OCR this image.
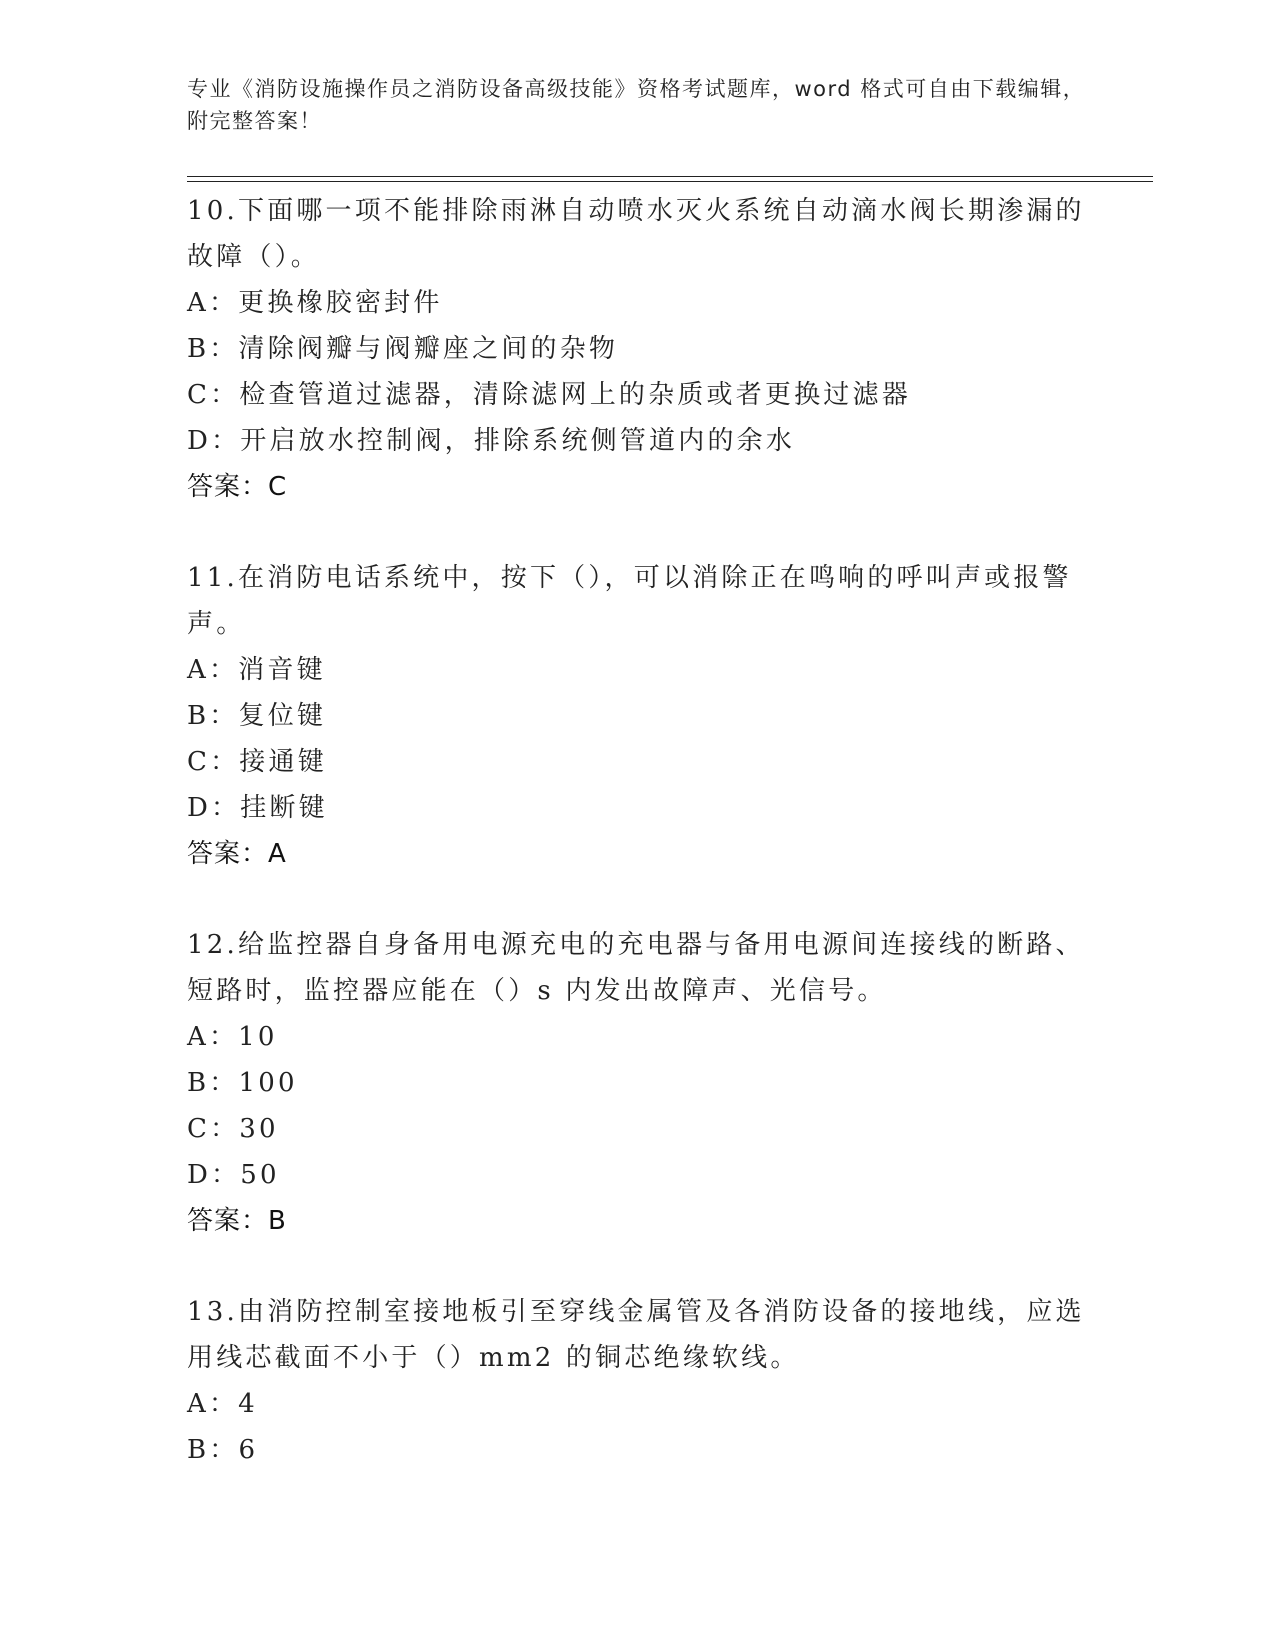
专业《消防设施操作员之消防设备高级技能》资格考试题库，word 格式可自由下载编辑，附完整答案！
10.下面哪一项不能排除雨淋自动喷水灭火系统自动滴水阀长期渗漏的故障（）。
A：更换橡胶密封件
B：清除阀瓣与阀瓣座之间的杂物
C：检查管道过滤器，清除滤网上的杂质或者更换过滤器
D：开启放水控制阀，排除系统侧管道内的余水
答案：C
11.在消防电话系统中，按下（），可以消除正在鸣响的呼叫声或报警声。
A：消音键
B：复位键
C：接通键
D：挂断键
答案：A
12.给监控器自身备用电源充电的充电器与备用电源间连接线的断路、短路时，监控器应能在（）s 内发出故障声、光信号。
A：10
B：100
C：30
D：50
答案：B
13.由消防控制室接地板引至穿线金属管及各消防设备的接地线，应选用线芯截面不小于（）mm2 的铜芯绝缘软线。
A：4
B：6
